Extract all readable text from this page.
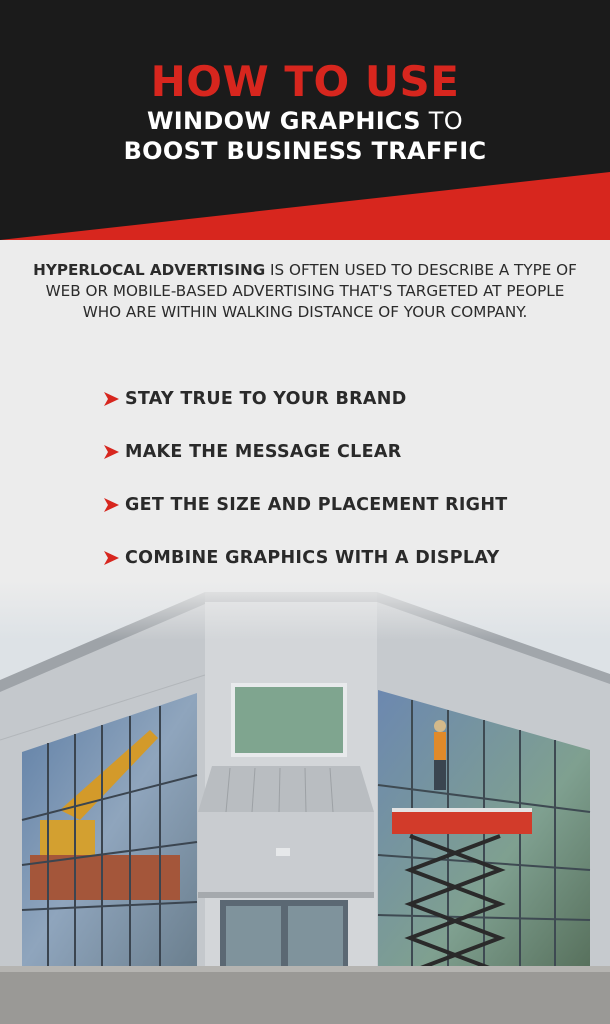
HOW TO USE
WINDOW GRAPHICS TO
BOOST BUSINESS TRAFFIC

HYPERLOCAL ADVERTISING IS OFTEN USED TO DESCRIBE A TYPE OF WEB OR MOBILE-BASED ADVERTISING THAT'S TARGETED AT PEOPLE WHO ARE WITHIN WALKING DISTANCE OF YOUR COMPANY.

STAY TRUE TO YOUR BRAND
MAKE THE MESSAGE CLEAR
GET THE SIZE AND PLACEMENT RIGHT
COMBINE GRAPHICS WITH A DISPLAY
